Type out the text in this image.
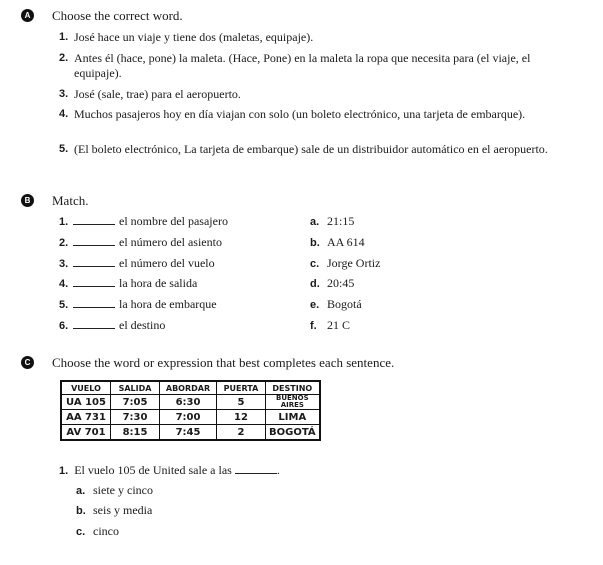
A Choose the correct word.
1. José hace un viaje y tiene dos (maletas, equipaje).
2. Antes él (hace, pone) la maleta. (Hace, Pone) en la maleta la ropa que necesita para (el viaje, el equipaje).
3. José (sale, trae) para el aeropuerto.
4. Muchos pasajeros hoy en día viajan con solo (un boleto electrónico, una tarjeta de embarque).
5. (El boleto electrónico, La tarjeta de embarque) sale de un distribuidor automático en el aeropuerto.
B Match.
1.	el nombre del pasajero	a. 21:15
2.	el número del asiento	b. AA 614
3.	el número del vuelo	c. Jorge Ortiz
4.	la hora de salida	d. 20:45
5.	la hora de embarque	e. Bogotá
6.	el destino	f. 21 C
C Choose the word or expression that best completes each sentence.
VUELO	SALIDA	ABORDAR	PUERTA	DESTINO
UA 105	7:05	6:30	5	BUENOS AIRES
AA 731	7:30	7:00	12	LIMA
AV 701	8:15	7:45	2	BOGOTÁ
1. El vuelo 105 de United sale a las	.
a. siete y cinco
b. seis y media
c. cinco
